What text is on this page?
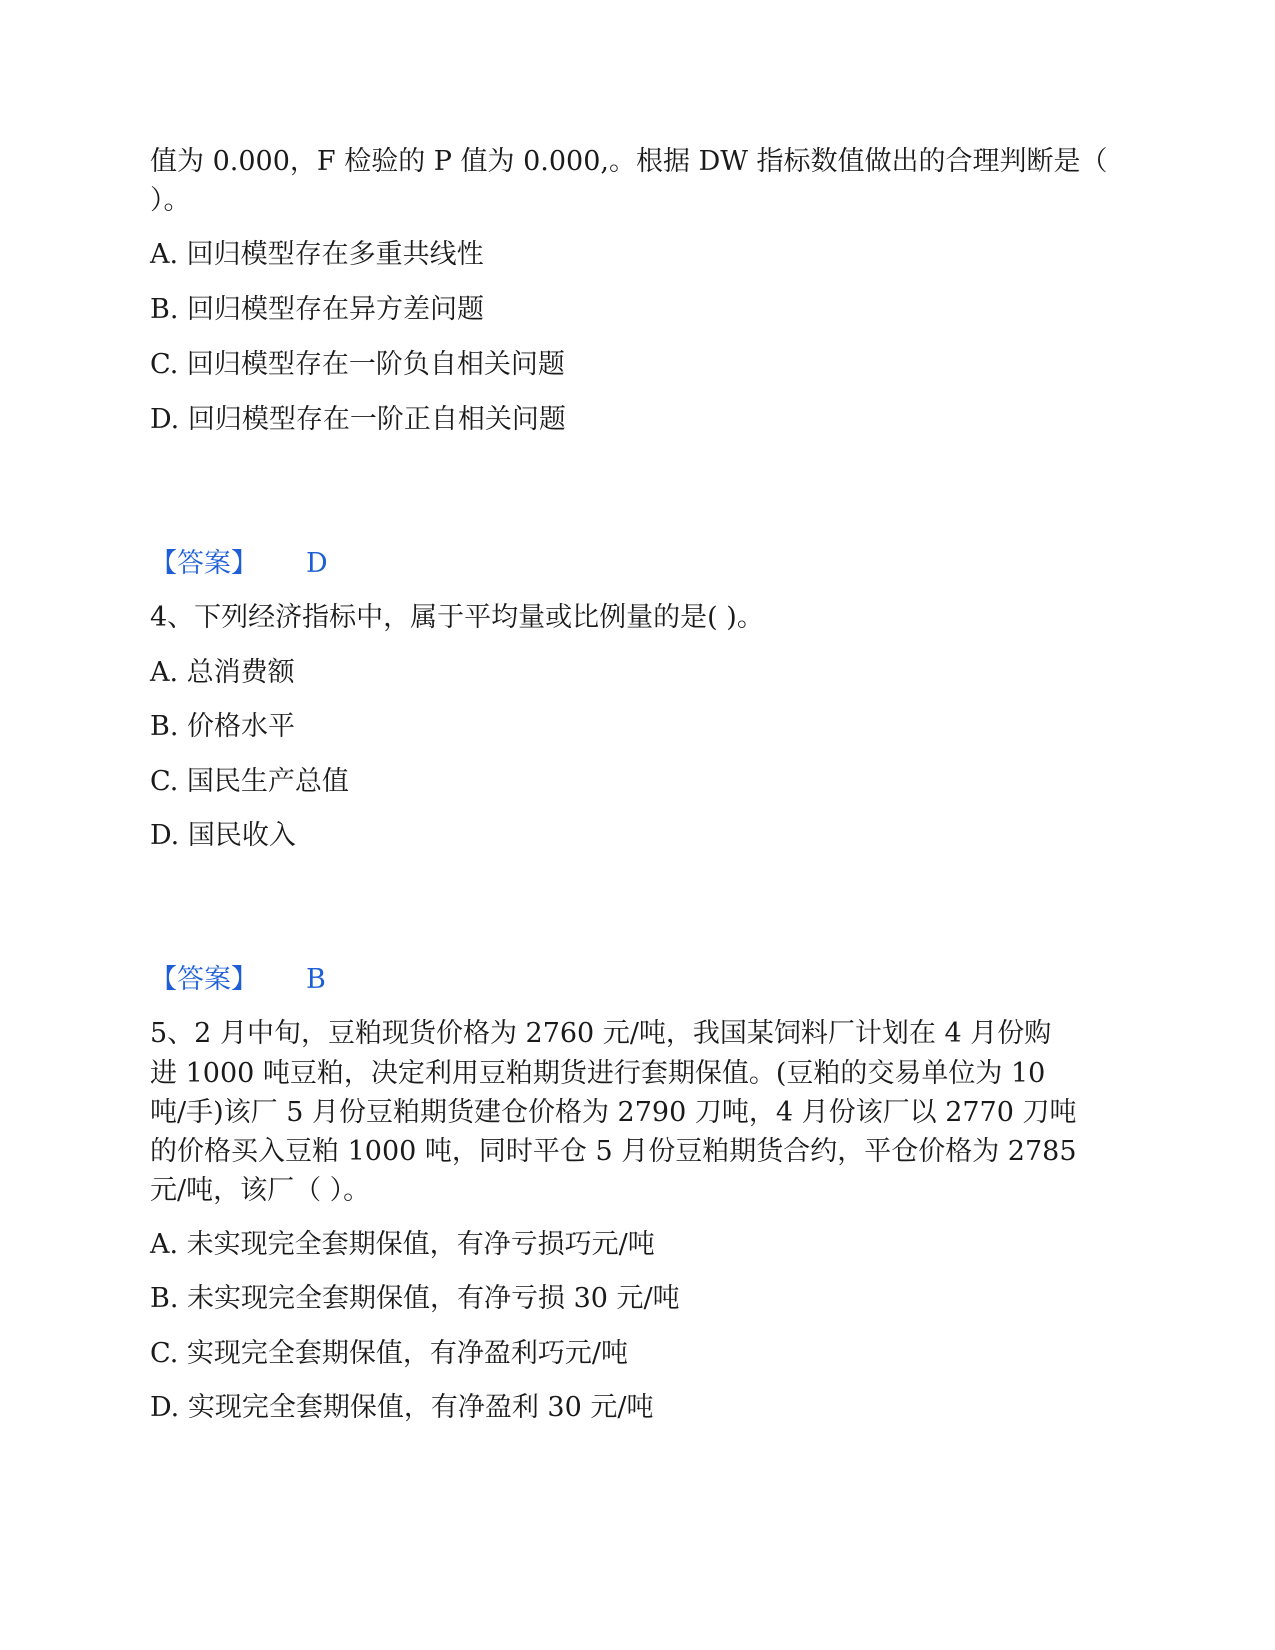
值为 0.000，F 检验的 P 值为 0.000,。根据 DW 指标数值做出的合理判断是（
）。
A. 回归模型存在多重共线性
B. 回归模型存在异方差问题
C. 回归模型存在一阶负自相关问题
D. 回归模型存在一阶正自相关问题
【答案】 D
4、下列经济指标中，属于平均量或比例量的是( )。
A. 总消费额
B. 价格水平
C. 国民生产总值
D. 国民收入
【答案】 B
5、2 月中旬，豆粕现货价格为 2760 元/吨，我国某饲料厂计划在 4 月份购
进 1000 吨豆粕，决定利用豆粕期货进行套期保值。(豆粕的交易单位为 10
吨/手)该厂 5 月份豆粕期货建仓价格为 2790 刀吨，4 月份该厂以 2770 刀吨
的价格买入豆粕 1000 吨，同时平仓 5 月份豆粕期货合约，平仓价格为 2785
元/吨，该厂（ ）。
A. 未实现完全套期保值，有净亏损巧元/吨
B. 未实现完全套期保值，有净亏损 30 元/吨
C. 实现完全套期保值，有净盈利巧元/吨
D. 实现完全套期保值，有净盈利 30 元/吨
